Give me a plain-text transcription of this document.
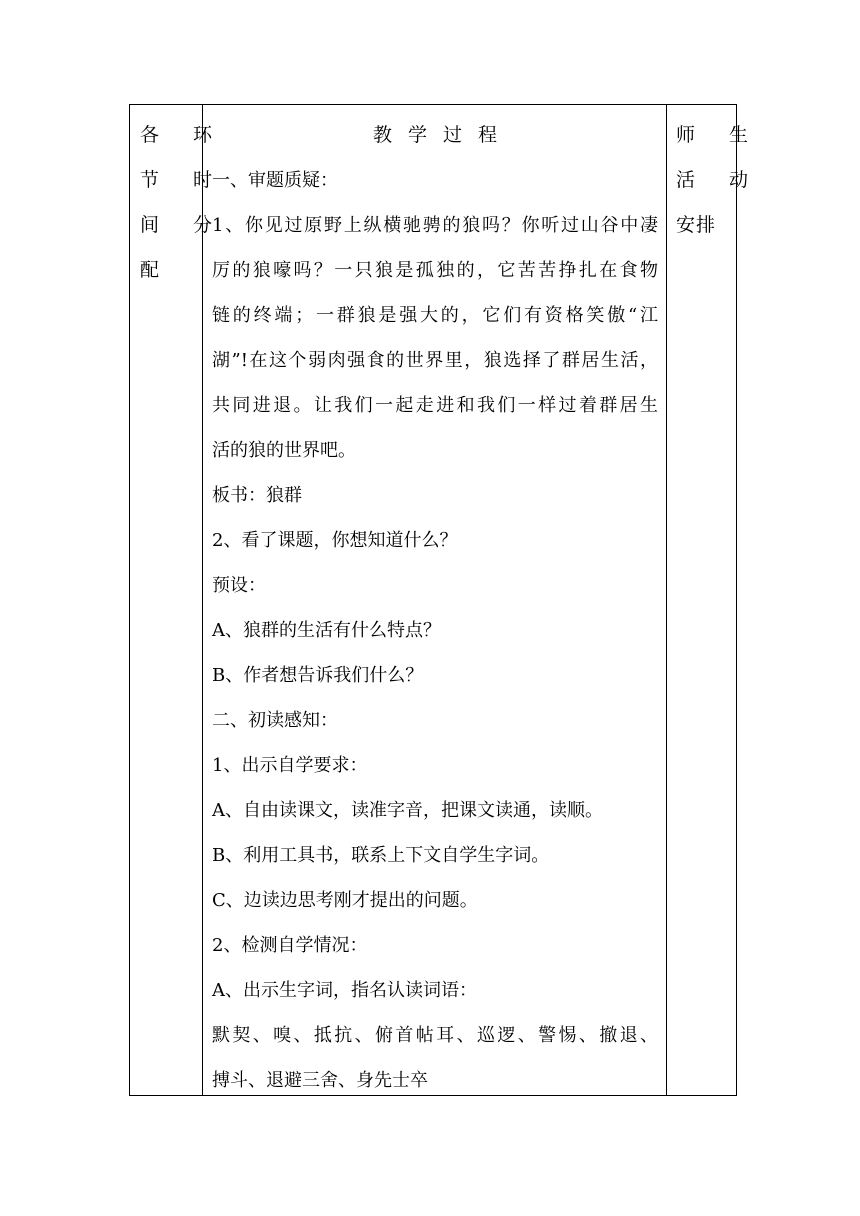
各 环
节 时
间 分
配
教学过程
一、审题质疑：
1、你见过原野上纵横驰骋的狼吗？你听过山谷中凄
厉的狼嚎吗？一只狼是孤独的，它苦苦挣扎在食物
链的终端；一群狼是强大的，它们有资格笑傲“江
湖”!在这个弱肉强食的世界里，狼选择了群居生活，
共同进退。让我们一起走进和我们一样过着群居生
活的狼的世界吧。
板书：狼群
2、看了课题，你想知道什么？
预设：
A、狼群的生活有什么特点？
B、作者想告诉我们什么？
二、初读感知：
1、出示自学要求：
A、自由读课文，读准字音，把课文读通，读顺。
B、利用工具书，联系上下文自学生字词。
C、边读边思考刚才提出的问题。
2、检测自学情况：
A、出示生字词，指名认读词语：
默契、嗅、抵抗、俯首帖耳、巡逻、警惕、撤退、
搏斗、退避三舍、身先士卒
师 生
活 动
安排
